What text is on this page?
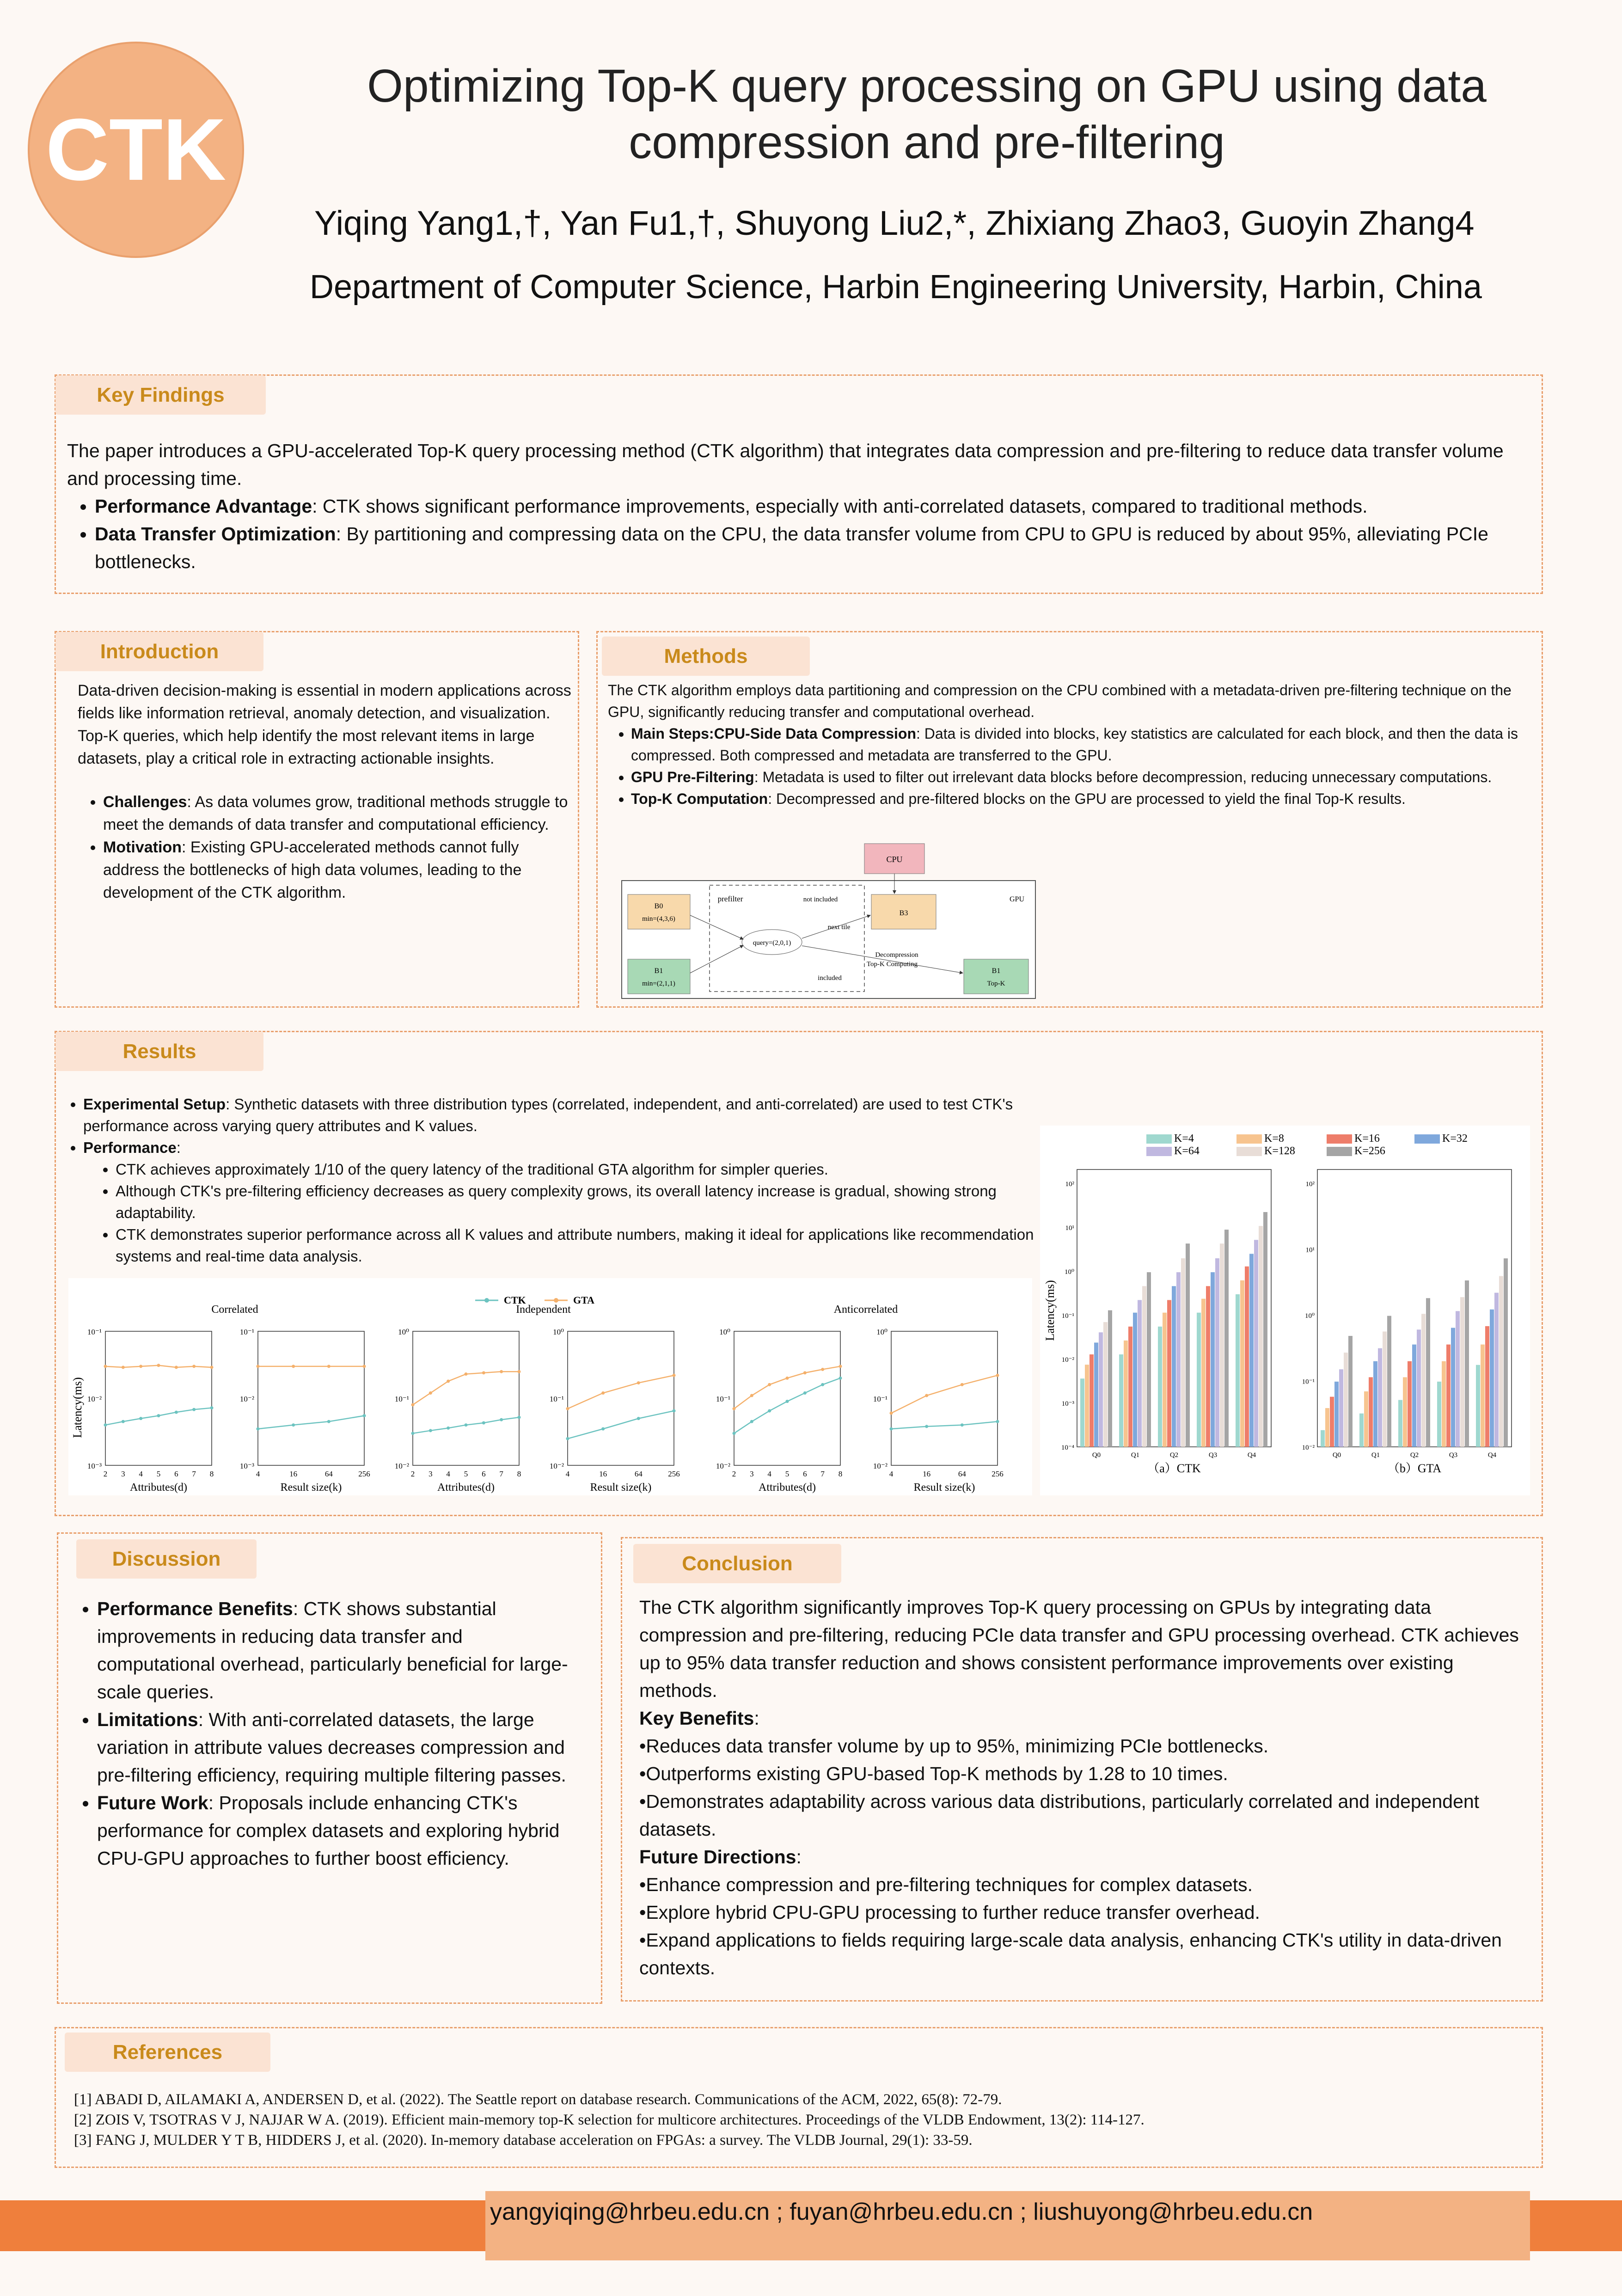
CTK
Optimizing Top-K query processing on GPU using data compression and pre-filtering
Yiqing Yang1,†, Yan Fu1,†, Shuyong Liu2,*, Zhixiang Zhao3, Guoyin Zhang4
Department of Computer Science, Harbin Engineering University, Harbin, China
Key Findings
The paper introduces a GPU-accelerated Top-K query processing method (CTK algorithm) that integrates data compression and pre-filtering to reduce data transfer volume and processing time.
• Performance Advantage: CTK shows significant performance improvements, especially with anti-correlated datasets, compared to traditional methods.
• Data Transfer Optimization: By partitioning and compressing data on the CPU, the data transfer volume from CPU to GPU is reduced by about 95%, alleviating PCIe bottlenecks.
Introduction
Data-driven decision-making is essential in modern applications across fields like information retrieval, anomaly detection, and visualization. Top-K queries, which help identify the most relevant items in large datasets, play a critical role in extracting actionable insights.
• Challenges: As data volumes grow, traditional methods struggle to meet the demands of data transfer and computational efficiency.
• Motivation: Existing GPU-accelerated methods cannot fully address the bottlenecks of high data volumes, leading to the development of the CTK algorithm.
Methods
The CTK algorithm employs data partitioning and compression on the CPU combined with a metadata-driven pre-filtering technique on the GPU, significantly reducing transfer and computational overhead.
• Main Steps:CPU-Side Data Compression: Data is divided into blocks, key statistics are calculated for each block, and then the data is compressed. Both compressed and metadata are transferred to the GPU.
• GPU Pre-Filtering: Metadata is used to filter out irrelevant data blocks before decompression, reducing unnecessary computations.
• Top-K Computation: Decompressed and pre-filtered blocks on the GPU are processed to yield the final Top-K results.
CPU
GPU
prefilter	not included
B0
min=(4,3,6)
B3
query=(2,0,1)
next tile
B1
min=(2,1,1)
included
Decompression
Top-K Computing
B1
Top-K
Results
• Experimental Setup: Synthetic datasets with three distribution types (correlated, independent, and anti-correlated) are used to test CTK's performance across varying query attributes and K values.
• Performance:
• CTK achieves approximately 1/10 of the query latency of the traditional GTA algorithm for simpler queries.
• Although CTK's pre-filtering efficiency decreases as query complexity grows, its overall latency increase is gradual, showing strong adaptability.
• CTK demonstrates superior performance across all K values and attribute numbers, making it ideal for applications like recommendation systems and real-time data analysis.
CTK	GTA
Latency(ms)
Correlated
10⁻¹
10⁻²
10⁻³
2 3 4 5 6 7 8
Attributes(d)
10⁻¹
10⁻²
10⁻³
4	16	64	256
Result size(k)
Independent
10⁰
10⁻¹
10⁻²
2 3 4 5 6 7 8
Attributes(d)
10⁰
10⁻¹
10⁻²
4	16	64	256
Result size(k)
Anticorrelated
10⁰
10⁻¹
10⁻²
2 3 4 5 6 7 8
Attributes(d)
10⁰
10⁻¹
10⁻²
4	16	64	256
Result size(k)
K=4	K=8	K=16	K=32
K=64	K=128	K=256
Latency(ms)
10²
10¹
10⁰
10⁻¹
10⁻²
10⁻³
10⁻⁴
Q0	Q1	Q2	Q3	Q4
（a）CTK
10²
10¹
10⁰
10⁻¹
10⁻²
Q0	Q1	Q2	Q3	Q4
（b）GTA
Discussion
• Performance Benefits: CTK shows substantial improvements in reducing data transfer and computational overhead, particularly beneficial for large-scale queries.
• Limitations: With anti-correlated datasets, the large variation in attribute values decreases compression and pre-filtering efficiency, requiring multiple filtering passes.
• Future Work: Proposals include enhancing CTK's performance for complex datasets and exploring hybrid CPU-GPU approaches to further boost efficiency.
Conclusion
The CTK algorithm significantly improves Top-K query processing on GPUs by integrating data compression and pre-filtering, reducing PCIe data transfer and GPU processing overhead. CTK achieves up to 95% data transfer reduction and shows consistent performance improvements over existing methods.
Key Benefits:
•Reduces data transfer volume by up to 95%, minimizing PCIe bottlenecks.
•Outperforms existing GPU-based Top-K methods by 1.28 to 10 times.
•Demonstrates adaptability across various data distributions, particularly correlated and independent datasets.
Future Directions:
•Enhance compression and pre-filtering techniques for complex datasets.
•Explore hybrid CPU-GPU processing to further reduce transfer overhead.
•Expand applications to fields requiring large-scale data analysis, enhancing CTK's utility in data-driven contexts.
References
[1] ABADI D, AILAMAKI A, ANDERSEN D, et al. (2022). The Seattle report on database research. Communications of the ACM, 2022, 65(8): 72-79.
[2] ZOIS V, TSOTRAS V J, NAJJAR W A. (2019). Efficient main-memory top-K selection for multicore architectures. Proceedings of the VLDB Endowment, 13(2): 114-127.
[3] FANG J, MULDER Y T B, HIDDERS J, et al. (2020). In-memory database acceleration on FPGAs: a survey. The VLDB Journal, 29(1): 33-59.
yangyiqing@hrbeu.edu.cn ; fuyan@hrbeu.edu.cn ; liushuyong@hrbeu.edu.cn
